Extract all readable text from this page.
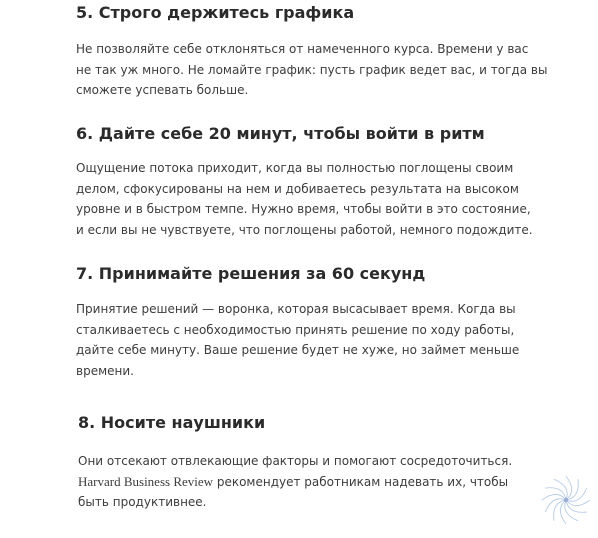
5. Строго держитесь графика

Не позволяйте себе отклоняться от намеченного курса. Времени у вас
не так уж много. Не ломайте график: пусть график ведет вас, и тогда вы
сможете успевать больше.

6. Дайте себе 20 минут, чтобы войти в ритм

Ощущение потока приходит, когда вы полностью поглощены своим
делом, сфокусированы на нем и добиваетесь результата на высоком
уровне и в быстром темпе. Нужно время, чтобы войти в это состояние,
и если вы не чувствуете, что поглощены работой, немного подождите.

7. Принимайте решения за 60 секунд

Принятие решений — воронка, которая высасывает время. Когда вы
сталкиваетесь с необходимостью принять решение по ходу работы,
дайте себе минуту. Ваше решение будет не хуже, но займет меньше
времени.

8. Носите наушники

Они отсекают отвлекающие факторы и помогают сосредоточиться.
Harvard Business Review рекомендует работникам надевать их, чтобы
быть продуктивнее.
